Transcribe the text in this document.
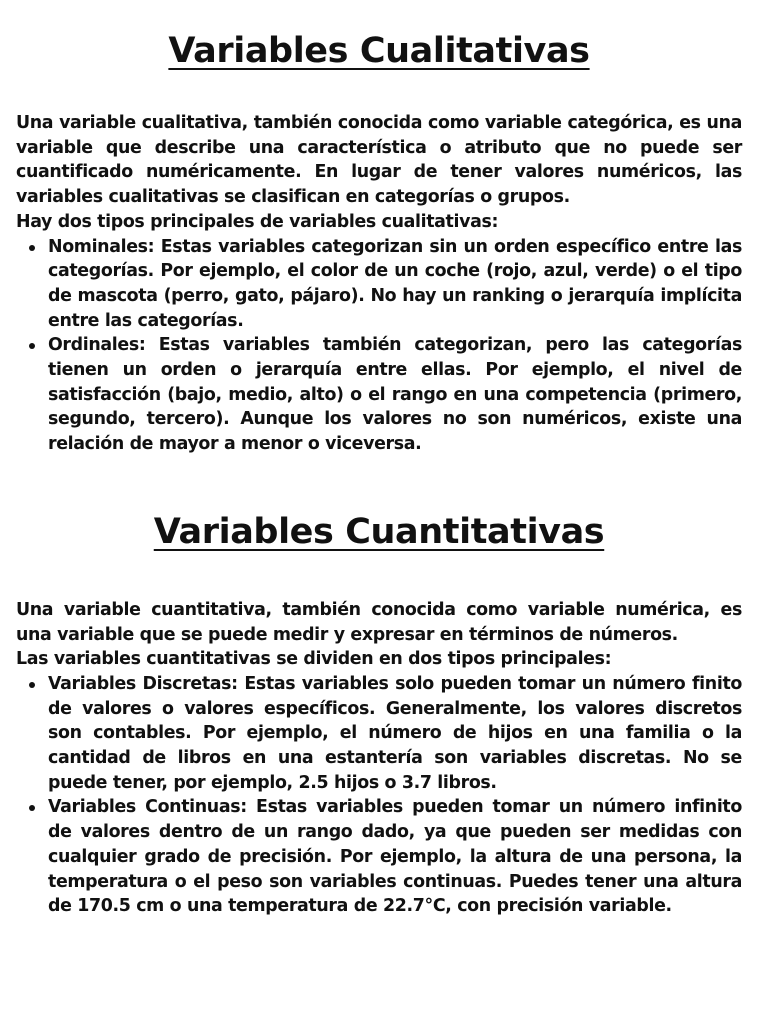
Variables Cualitativas

Una variable cualitativa, también conocida como variable categórica, es una variable que describe una característica o atributo que no puede ser cuantificado numéricamente. En lugar de tener valores numéricos, las variables cualitativas se clasifican en categorías o grupos.

Hay dos tipos principales de variables cualitativas:

Nominales: Estas variables categorizan sin un orden específico entre las categorías. Por ejemplo, el color de un coche (rojo, azul, verde) o el tipo de mascota (perro, gato, pájaro). No hay un ranking o jerarquía implícita entre las categorías.
Ordinales: Estas variables también categorizan, pero las categorías tienen un orden o jerarquía entre ellas. Por ejemplo, el nivel de satisfacción (bajo, medio, alto) o el rango en una competencia (primero, segundo, tercero). Aunque los valores no son numéricos, existe una relación de mayor a menor o viceversa.
Variables Cuantitativas

Una variable cuantitativa, también conocida como variable numérica, es una variable que se puede medir y expresar en términos de números.

Las variables cuantitativas se dividen en dos tipos principales:

Variables Discretas: Estas variables solo pueden tomar un número finito de valores o valores específicos. Generalmente, los valores discretos son contables. Por ejemplo, el número de hijos en una familia o la cantidad de libros en una estantería son variables discretas. No se puede tener, por ejemplo, 2.5 hijos o 3.7 libros.
Variables Continuas: Estas variables pueden tomar un número infinito de valores dentro de un rango dado, ya que pueden ser medidas con cualquier grado de precisión. Por ejemplo, la altura de una persona, la temperatura o el peso son variables continuas. Puedes tener una altura de 170.5 cm o una temperatura de 22.7°C, con precisión variable.
